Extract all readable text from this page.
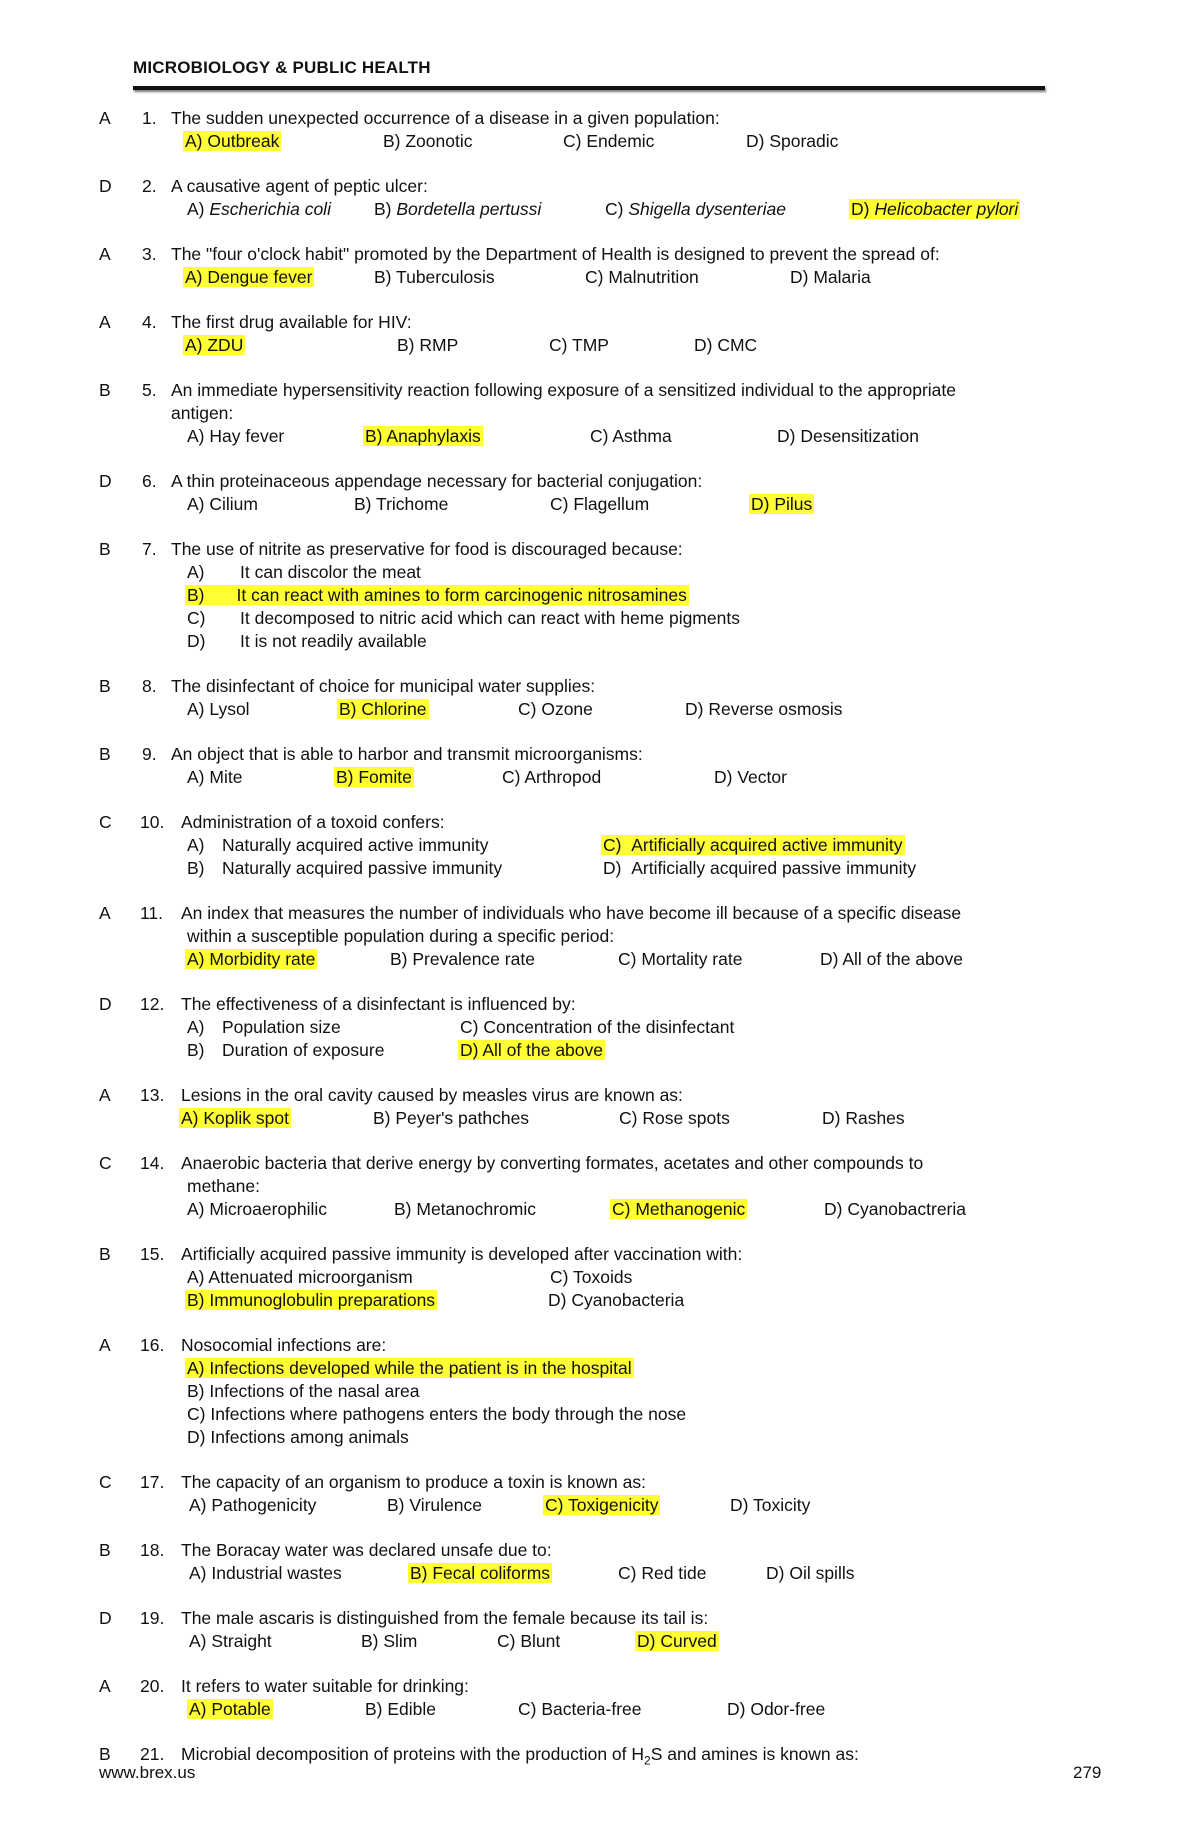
MICROBIOLOGY & PUBLIC HEALTH
A 1. The sudden unexpected occurrence of a disease in a given population:
A) Outbreak	B) Zoonotic	C) Endemic	D) Sporadic
D 2. A causative agent of peptic ulcer:
A) Escherichia coli B) Bordetella pertussi	C) Shigella dysenteriae	D) Helicobacter pylori
A 3. The "four o'clock habit" promoted by the Department of Health is designed to prevent the spread of:
A) Dengue fever	B) Tuberculosis	C) Malnutrition	D) Malaria
A 4. The first drug available for HIV:
A) ZDU	B) RMP	C) TMP	D) CMC
B 5. An immediate hypersensitivity reaction following exposure of a sensitized individual to the appropriate
antigen:
A) Hay fever	B) Anaphylaxis	C) Asthma	D) Desensitization
D 6. A thin proteinaceous appendage necessary for bacterial conjugation:
A) Cilium	B) Trichome	C) Flagellum	D) Pilus
B 7. The use of nitrite as preservative for food is discouraged because:
A) It can discolor the meat
B) It can react with amines to form carcinogenic nitrosamines
C) It decomposed to nitric acid which can react with heme pigments
D) It is not readily available
B 8. The disinfectant of choice for municipal water supplies:
A) Lysol	B) Chlorine	C) Ozone	D) Reverse osmosis
B 9. An object that is able to harbor and transmit microorganisms:
A) Mite	B) Fomite	C) Arthropod	D) Vector
C 10. Administration of a toxoid confers:
A) Naturally acquired active immunity	C) Artificially acquired active immunity
B) Naturally acquired passive immunity	D) Artificially acquired passive immunity
A 11. An index that measures the number of individuals who have become ill because of a specific disease
within a susceptible population during a specific period:
A) Morbidity rate	B) Prevalence rate	C) Mortality rate	D) All of the above
D 12. The effectiveness of a disinfectant is influenced by:
A) Population size	C) Concentration of the disinfectant
B) Duration of exposure	D) All of the above
A 13. Lesions in the oral cavity caused by measles virus are known as:
A) Koplik spot	B) Peyer's pathches	C) Rose spots	D) Rashes
C 14. Anaerobic bacteria that derive energy by converting formates, acetates and other compounds to
methane:
A) Microaerophilic	B) Metanochromic	C) Methanogenic	D) Cyanobactreria
B 15. Artificially acquired passive immunity is developed after vaccination with:
A) Attenuated microorganism	C) Toxoids
B) Immunoglobulin preparations	D) Cyanobacteria
A 16. Nosocomial infections are:
A) Infections developed while the patient is in the hospital
B) Infections of the nasal area
C) Infections where pathogens enters the body through the nose
D) Infections among animals
C 17. The capacity of an organism to produce a toxin is known as:
A) Pathogenicity	B) Virulence	C) Toxigenicity	D) Toxicity
B 18. The Boracay water was declared unsafe due to:
A) Industrial wastes	B) Fecal coliforms	C) Red tide	D) Oil spills
D 19. The male ascaris is distinguished from the female because its tail is:
A) Straight	B) Slim	C) Blunt	D) Curved
A 20. It refers to water suitable for drinking:
A) Potable	B) Edible	C) Bacteria-free	D) Odor-free
B 21. Microbial decomposition of proteins with the production of $H_2S$ and amines is known as:
www.brex.us	279
